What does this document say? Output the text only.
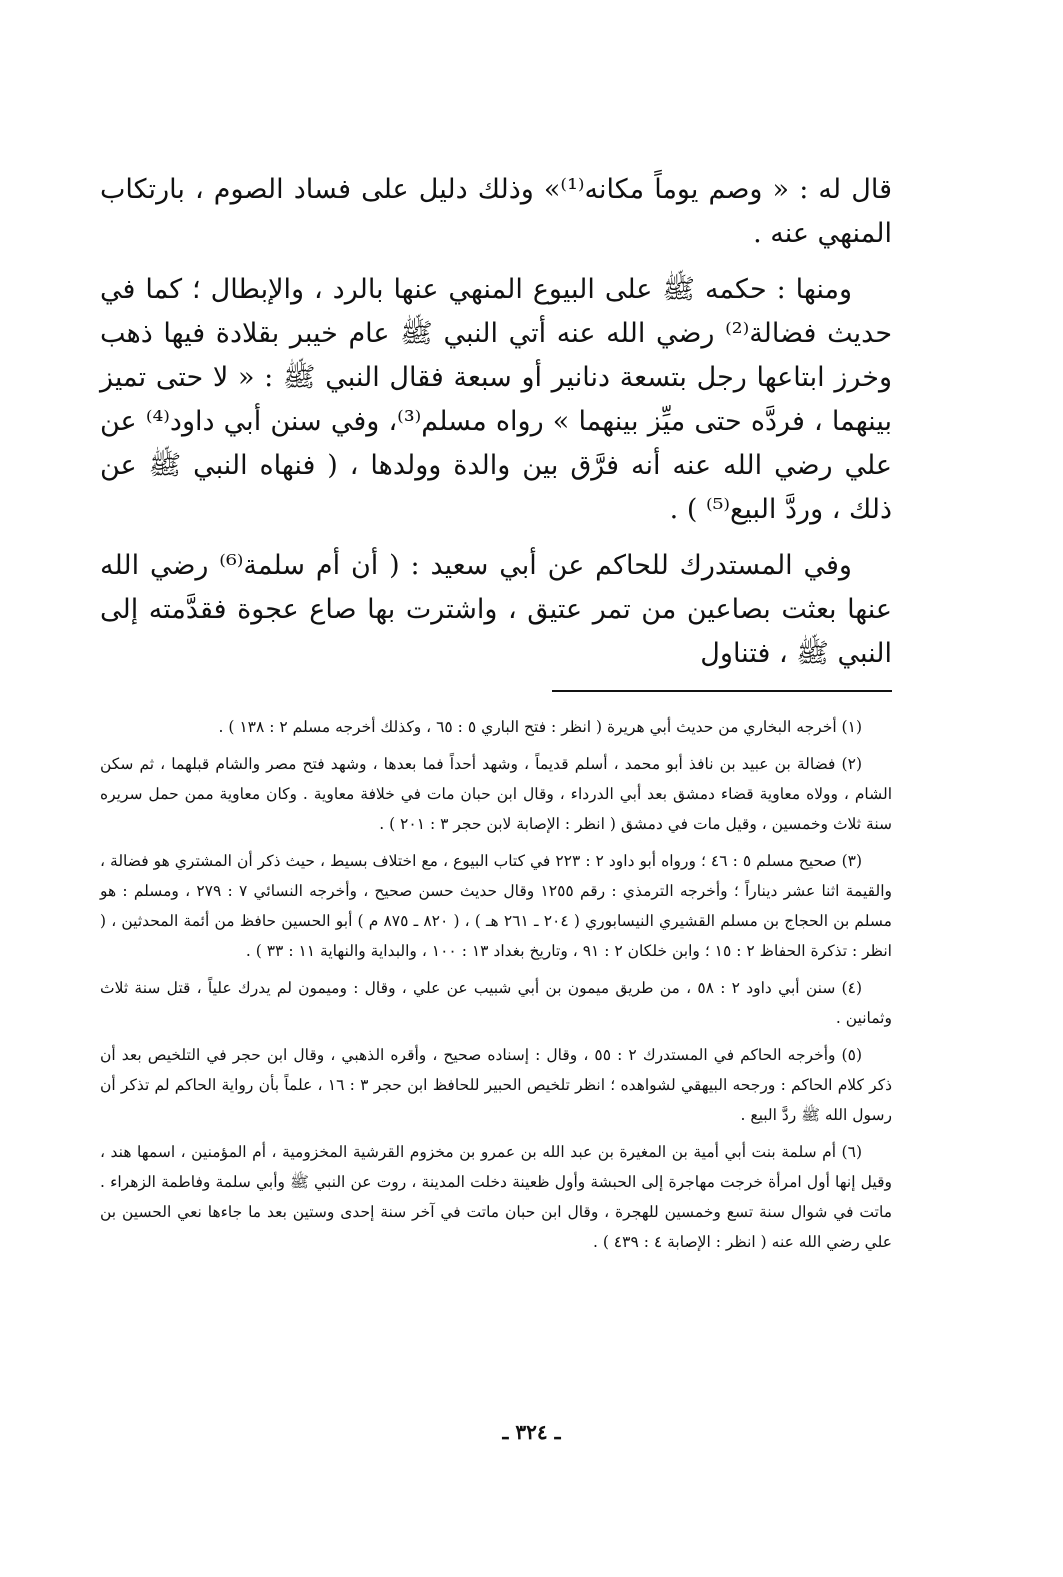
قال له : « وصم يوماً مكانه⁽¹⁾» وذلك دليل على فساد الصوم ، بارتكاب المنهي عنه .

ومنها : حكمه ﷺ على البيوع المنهي عنها بالرد ، والإبطال ؛ كما في حديث فضالة⁽²⁾ رضي الله عنه أتي النبي ﷺ عام خيبر بقلادة فيها ذهب وخرز ابتاعها رجل بتسعة دنانير أو سبعة فقال النبي ﷺ : « لا حتى تميز بينهما ، فردَّه حتى ميِّز بينهما » رواه مسلم⁽³⁾، وفي سنن أبي داود⁽⁴⁾ عن علي رضي الله عنه أنه فرَّق بين والدة وولدها ، ( فنهاه النبي ﷺ عن ذلك ، وردَّ البيع⁽⁵⁾ ) .

وفي المستدرك للحاكم عن أبي سعيد : ( أن أم سلمة⁽⁶⁾ رضي الله عنها بعثت بصاعين من تمر عتيق ، واشترت بها صاع عجوة فقدَّمته إلى النبي ﷺ ، فتناول

(١) أخرجه البخاري من حديث أبي هريرة ( انظر : فتح الباري ٥ : ٦٥ ، وكذلك أخرجه مسلم ٢ : ١٣٨ ) .

(٢) فضالة بن عبيد بن نافذ أبو محمد ، أسلم قديماً ، وشهد أحداً فما بعدها ، وشهد فتح مصر والشام قبلهما ، ثم سكن الشام ، وولاه معاوية قضاء دمشق بعد أبي الدرداء ، وقال ابن حبان مات في خلافة معاوية . وكان معاوية ممن حمل سريره سنة ثلاث وخمسين ، وقيل مات في دمشق ( انظر : الإصابة لابن حجر ٣ : ٢٠١ ) .

(٣) صحيح مسلم ٥ : ٤٦ ؛ ورواه أبو داود ٢ : ٢٢٣ في كتاب البيوع ، مع اختلاف بسيط ، حيث ذكر أن المشتري هو فضالة ، والقيمة اثنا عشر ديناراً ؛ وأخرجه الترمذي : رقم ١٢٥٥ وقال حديث حسن صحيح ، وأخرجه النسائي ٧ : ٢٧٩ ، ومسلم : هو مسلم بن الحجاج بن مسلم القشيري النيسابوري ( ٢٠٤ ـ ٢٦١ هـ ) ، ( ٨٢٠ ـ ٨٧٥ م ) أبو الحسين حافظ من أئمة المحدثين ، ( انظر : تذكرة الحفاظ ٢ : ١٥ ؛ وابن خلكان ٢ : ٩١ ، وتاريخ بغداد ١٣ : ١٠٠ ، والبداية والنهاية ١١ : ٣٣ ) .

(٤) سنن أبي داود ٢ : ٥٨ ، من طريق ميمون بن أبي شبيب عن علي ، وقال : وميمون لم يدرك علياً ، قتل سنة ثلاث وثمانين .

(٥) وأخرجه الحاكم في المستدرك ٢ : ٥٥ ، وقال : إسناده صحيح ، وأقره الذهبي ، وقال ابن حجر في التلخيص بعد أن ذكر كلام الحاكم : ورجحه البيهقي لشواهده ؛ انظر تلخيص الحبير للحافظ ابن حجر ٣ : ١٦ ، علماً بأن رواية الحاكم لم تذكر أن رسول الله ﷺ ردَّ البيع .

(٦) أم سلمة بنت أبي أمية بن المغيرة بن عبد الله بن عمرو بن مخزوم القرشية المخزومية ، أم المؤمنين ، اسمها هند ، وقيل إنها أول امرأة خرجت مهاجرة إلى الحبشة وأول ظعينة دخلت المدينة ، روت عن النبي ﷺ وأبي سلمة وفاطمة الزهراء . ماتت في شوال سنة تسع وخمسين للهجرة ، وقال ابن حبان ماتت في آخر سنة إحدى وستين بعد ما جاءها نعي الحسين بن علي رضي الله عنه ( انظر : الإصابة ٤ : ٤٣٩ ) .

ـ ٣٢٤ ـ
